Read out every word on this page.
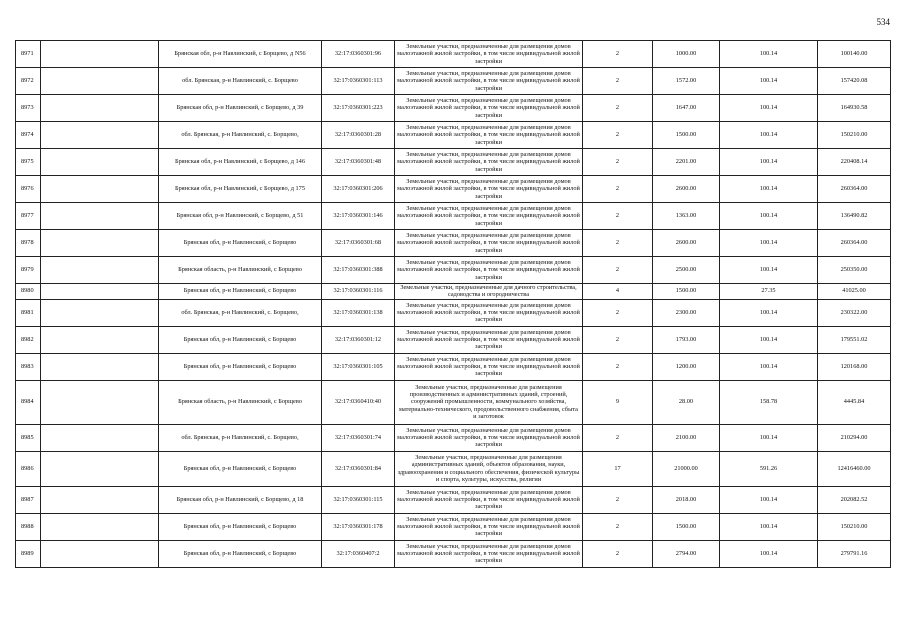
534
8971		Брянская обл, р-н Навлинский, с Борщево, д N56	32:17:0360301:96	Земельные участки, предназначенные для размещения домов малоэтажной жилой застройки, в том числе индивидуальной жилой застройки	2	1000.00	100.14	100140.00
8972		обл. Брянская, р-н Навлинский, с. Борщево	32:17:0360301:113	Земельные участки, предназначенные для размещения домов малоэтажной жилой застройки, в том числе индивидуальной жилой застройки	2	1572.00	100.14	157420.08
8973		Брянская обл, р-н Навлинский, с Борщево, д 39	32:17:0360301:223	Земельные участки, предназначенные для размещения домов малоэтажной жилой застройки, в том числе индивидуальной жилой застройки	2	1647.00	100.14	164930.58
8974		обл. Брянская, р-н Навлинский, с. Борщево,	32:17:0360301:28	Земельные участки, предназначенные для размещения домов малоэтажной жилой застройки, в том числе индивидуальной жилой застройки	2	1500.00	100.14	150210.00
8975		Брянская обл, р-н Навлинский, с Борщево, д 146	32:17:0360301:48	Земельные участки, предназначенные для размещения домов малоэтажной жилой застройки, в том числе индивидуальной жилой застройки	2	2201.00	100.14	220408.14
8976		Брянская обл, р-н Навлинский, с Борщево, д 175	32:17:0360301:206	Земельные участки, предназначенные для размещения домов малоэтажной жилой застройки, в том числе индивидуальной жилой застройки	2	2600.00	100.14	260364.00
8977		Брянская обл, р-н Навлинский, с Борщево, д 51	32:17:0360301:146	Земельные участки, предназначенные для размещения домов малоэтажной жилой застройки, в том числе индивидуальной жилой застройки	2	1363.00	100.14	136490.82
8978		Брянская обл, р-н Навлинский, с Борщево	32:17:0360301:68	Земельные участки, предназначенные для размещения домов малоэтажной жилой застройки, в том числе индивидуальной жилой застройки	2	2600.00	100.14	260364.00
8979		Брянская область, р-н Навлинский, с Борщево	32:17:0360301:388	Земельные участки, предназначенные для размещения домов малоэтажной жилой застройки, в том числе индивидуальной жилой застройки	2	2500.00	100.14	250350.00
8980		Брянская обл, р-н Навлинский, с Борщево	32:17:0360301:116	Земельные участки, предназначенные для дачного строительства, садоводства и огородничества	4	1500.00	27.35	41025.00
8981		обл. Брянская, р-н Навлинский, с. Борщево,	32:17:0360301:138	Земельные участки, предназначенные для размещения домов малоэтажной жилой застройки, в том числе индивидуальной жилой застройки	2	2300.00	100.14	230322.00
8982		Брянская обл, р-н Навлинский, с Борщево	32:17:0360301:12	Земельные участки, предназначенные для размещения домов малоэтажной жилой застройки, в том числе индивидуальной жилой застройки	2	1793.00	100.14	179551.02
8983		Брянская обл, р-н Навлинский, с Борщево	32:17:0360301:105	Земельные участки, предназначенные для размещения домов малоэтажной жилой застройки, в том числе индивидуальной жилой застройки	2	1200.00	100.14	120168.00
8984		Брянская область, р-н Навлинский, с Борщево	32:17:0360410:40	Земельные участки, предназначенные для размещения производственных и административных зданий, строений, сооружений промышленности, коммунального хозяйства, материально-технического, продовольственного снабжения, сбыта и заготовок	9	28.00	158.78	4445.84
8985		обл. Брянская, р-н Навлинский, с. Борщево,	32:17:0360301:74	Земельные участки, предназначенные для размещения домов малоэтажной жилой застройки, в том числе индивидуальной жилой застройки	2	2100.00	100.14	210294.00
8986		Брянская обл, р-н Навлинский, с Борщево	32:17:0360301:84	Земельные участки, предназначенные для размещения административных зданий, объектов образования, науки, здравоохранения и социального обеспечения, физической культуры и спорта, культуры, искусства, религии	17	21000.00	591.26	12416460.00
8987		Брянская обл, р-н Навлинский, с Борщево, д 18	32:17:0360301:115	Земельные участки, предназначенные для размещения домов малоэтажной жилой застройки, в том числе индивидуальной жилой застройки	2	2018.00	100.14	202082.52
8988		Брянская обл, р-н Навлинский, с Борщево	32:17:0360301:178	Земельные участки, предназначенные для размещения домов малоэтажной жилой застройки, в том числе индивидуальной жилой застройки	2	1500.00	100.14	150210.00
8989		Брянская обл, р-н Навлинский, с Борщево	32:17:0360407:2	Земельные участки, предназначенные для размещения домов малоэтажной жилой застройки, в том числе индивидуальной жилой застройки	2	2794.00	100.14	279791.16
